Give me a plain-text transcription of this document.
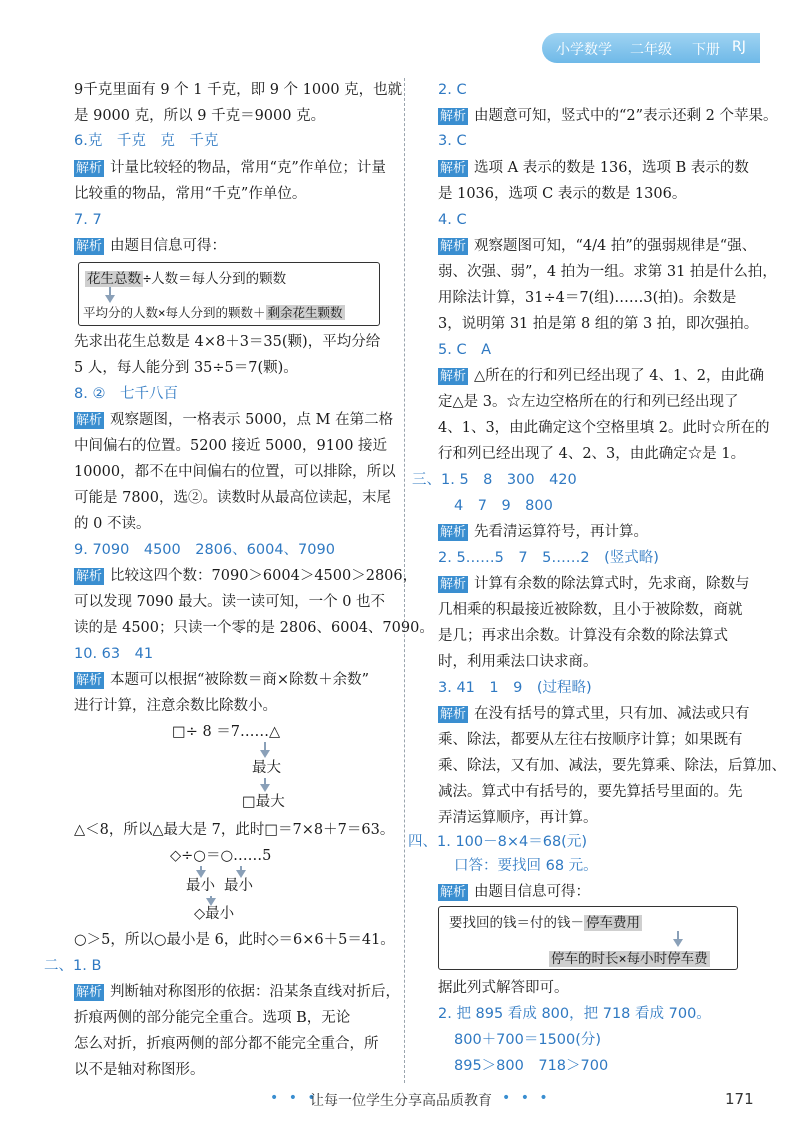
小学数学 二年级 下册 RJ
9千克里面有 9 个 1 千克，即 9 个 1000 克，也就
是 9000 克，所以 9 千克＝9000 克。
6.克　千克　克　千克
解析 计量比较轻的物品，常用“克”作单位；计量
比较重的物品，常用“千克”作单位。
7. 7
解析 由题目信息可得：
花生总数 ÷人数＝每人分到的颗数
平均分的人数×每人分到的颗数＋ 剩余花生颗数
先求出花生总数是 4×8＋3＝35(颗)，平均分给
5 人，每人能分到 35÷5＝7(颗)。
8. ②　七千八百
解析 观察题图，一格表示 5000，点 M 在第二格
中间偏右的位置。5200 接近 5000，9100 接近
10000，都不在中间偏右的位置，可以排除，所以
可能是 7800，选②。读数时从最高位读起，末尾
的 0 不读。
9. 7090　4500　2806、6004、7090
解析 比较这四个数：7090＞6004＞4500＞2806，
可以发现 7090 最大。读一读可知，一个 0 也不
读的是 4500；只读一个零的是 2806、6004、7090。
10. 63　41
解析 本题可以根据“被除数＝商×除数＋余数”
进行计算，注意余数比除数小。
□÷ 8 ＝7……△
最大
□最大
△＜8，所以△最大是 7，此时□＝7×8＋7＝63。
◇÷○＝○……5
最小 最小
◇最小
○＞5，所以○最小是 6，此时◇＝6×6＋5＝41。
二、1. B
解析 判断轴对称图形的依据：沿某条直线对折后，
折痕两侧的部分能完全重合。选项 B，无论
怎么对折，折痕两侧的部分都不能完全重合，所
以不是轴对称图形。
2. C
解析 由题意可知，竖式中的“2”表示还剩 2 个苹果。
3. C
解析 选项 A 表示的数是 136，选项 B 表示的数
是 1036，选项 C 表示的数是 1306。
4. C
解析 观察题图可知，“4/4 拍”的强弱规律是“强、
弱、次强、弱”，4 拍为一组。求第 31 拍是什么拍，
用除法计算，31÷4＝7(组)……3(拍)。余数是
3，说明第 31 拍是第 8 组的第 3 拍，即次强拍。
5. C　A
解析 △所在的行和列已经出现了 4、1、2，由此确
定△是 3。☆左边空格所在的行和列已经出现了
4、1、3，由此确定这个空格里填 2。此时☆所在的
行和列已经出现了 4、2、3，由此确定☆是 1。
三、1. 5　8　300　420
4　7　9　800
解析 先看清运算符号，再计算。
2. 5……5　7　5……2　(竖式略)
解析 计算有余数的除法算式时，先求商，除数与
几相乘的积最接近被除数，且小于被除数，商就
是几；再求出余数。计算没有余数的除法算式
时，利用乘法口诀求商。
3. 41　1　9　(过程略)
解析 在没有括号的算式里，只有加、减法或只有
乘、除法，都要从左往右按顺序计算；如果既有
乘、除法，又有加、减法，要先算乘、除法，后算加、
减法。算式中有括号的，要先算括号里面的。先
弄清运算顺序，再计算。
四、1. 100－8×4＝68(元)
口答：要找回 68 元。
解析 由题目信息可得：
要找回的钱＝付的钱－ 停车费用
停车的时长×每小时停车费
据此列式解答即可。
2. 把 895 看成 800，把 718 看成 700。
800＋700＝1500(分)
895＞800　718＞700
• • •
让每一位学生分享高品质教育 • • •	171
